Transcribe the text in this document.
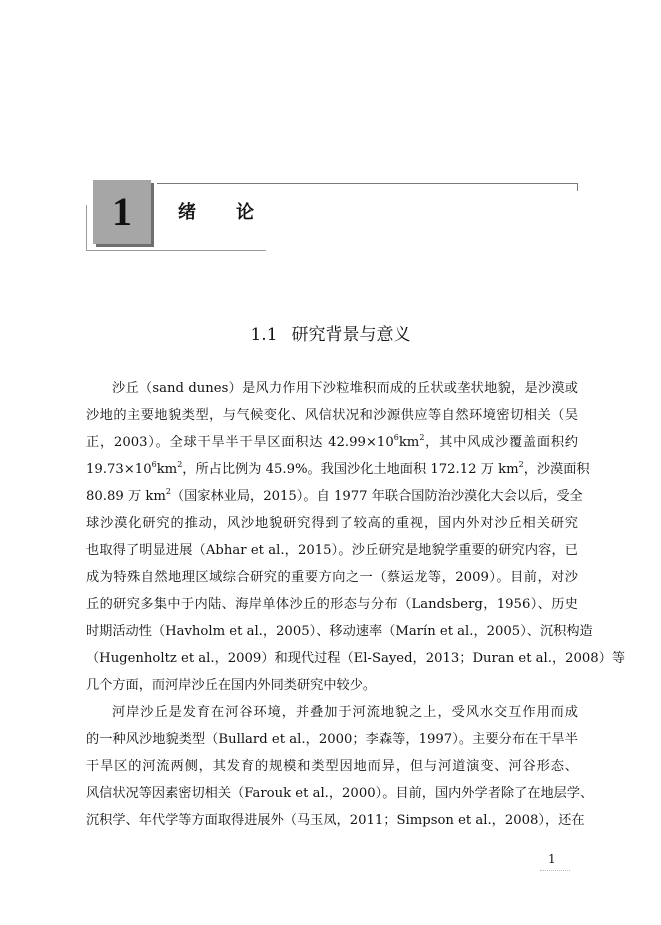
1	绪论
1.1 研究背景与意义
沙丘（sand dunes）是风力作用下沙粒堆积而成的丘状或垄状地貌，是沙漠或
沙地的主要地貌类型，与气候变化、风信状况和沙源供应等自然环境密切相关（吴
正，2003）。全球干旱半干旱区面积达 $42.99\times 10^6km^2$，其中风成沙覆盖面积约
$19.73\times 10^6km^2$，所占比例为 45.9%。我国沙化土地面积 172.12 万 $km^2$，沙漠面积
80.89 万 $km^2$（国家林业局，2015）。自 1977 年联合国防治沙漠化大会以后，受全
球沙漠化研究的推动，风沙地貌研究得到了较高的重视，国内外对沙丘相关研究
也取得了明显进展（Abhar et al.，2015）。沙丘研究是地貌学重要的研究内容，已
成为特殊自然地理区域综合研究的重要方向之一（蔡运龙等，2009）。目前，对沙
丘的研究多集中于内陆、海岸单体沙丘的形态与分布（Landsberg，1956）、历史
时期活动性（Havholm et al.，2005）、移动速率（Marín et al.，2005）、沉积构造
（Hugenholtz et al.，2009）和现代过程（El-Sayed，2013；Duran et al.，2008）等
几个方面，而河岸沙丘在国内外同类研究中较少。
河岸沙丘是发育在河谷环境，并叠加于河流地貌之上，受风水交互作用而成
的一种风沙地貌类型（Bullard et al.，2000；李森等，1997）。主要分布在干旱半
干旱区的河流两侧，其发育的规模和类型因地而异，但与河道演变、河谷形态、
风信状况等因素密切相关（Farouk et al.，2000）。目前，国内外学者除了在地层学、
沉积学、年代学等方面取得进展外（马玉凤，2011；Simpson et al.，2008），还在
1
